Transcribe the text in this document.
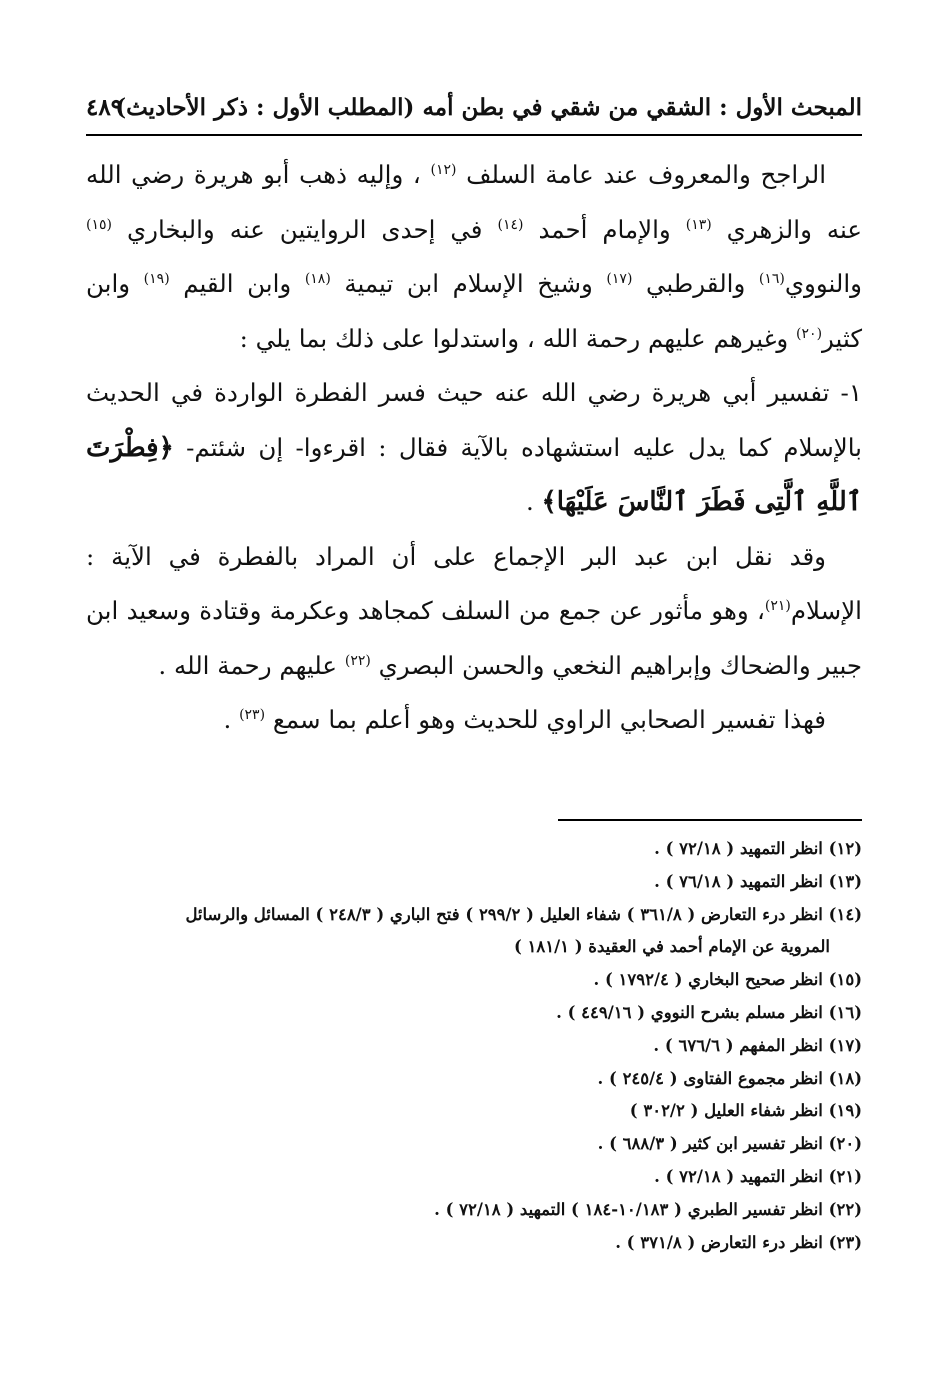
المبحث الأول : الشقي من شقي في بطن أمه (المطلب الأول : ذكر الأحاديث)
٤٨٩

الراجح والمعروف عند عامة السلف $^{(١٢)}$ ، وإليه ذهب أبو هريرة رضي الله عنه والزهري $^{(١٣)}$ والإمام أحمد $^{(١٤)}$ في إحدى الروايتين عنه والبخاري $^{(١٥)}$ والنووي$^{(١٦)}$ والقرطبي $^{(١٧)}$ وشيخ الإسلام ابن تيمية $^{(١٨)}$ وابن القيم $^{(١٩)}$ وابن كثير$^{(٢٠)}$ وغيرهم عليهم رحمة الله ، واستدلوا على ذلك بما يلي :

١- تفسير أبي هريرة رضي الله عنه حيث فسر الفطرة الواردة في الحديث بالإسلام كما يدل عليه استشهاده بالآية فقال : اقرءوا- إن شئتم- ﴿فِطْرَتَ ٱللَّهِ ٱلَّتِى فَطَرَ ٱلنَّاسَ عَلَيْهَا﴾ .

وقد نقل ابن عبد البر الإجماع على أن المراد بالفطرة في الآية : الإسلام$^{(٢١)}$، وهو مأثور عن جمع من السلف كمجاهد وعكرمة وقتادة وسعيد ابن جبير والضحاك وإبراهيم النخعي والحسن البصري $^{(٢٢)}$ عليهم رحمة الله .

فهذا تفسير الصحابي الراوي للحديث وهو أعلم بما سمع $^{(٢٣)}$ .

(١٢) انظر التمهيد ( ٧٢/١٨ ) .
(١٣) انظر التمهيد ( ٧٦/١٨ ) .
(١٤) انظر درء التعارض ( ٣٦١/٨ ) شفاء العليل ( ٢٩٩/٢ ) فتح الباري ( ٢٤٨/٣ ) المسائل والرسائل
المروية عن الإمام أحمد في العقيدة ( ١٨١/١ )
(١٥) انظر صحيح البخاري ( ١٧٩٢/٤ ) .
(١٦) انظر مسلم بشرح النووي ( ٤٤٩/١٦ ) .
(١٧) انظر المفهم ( ٦٧٦/٦ ) .
(١٨) انظر مجموع الفتاوى ( ٢٤٥/٤ ) .
(١٩) انظر شفاء العليل ( ٣٠٢/٢ )
(٢٠) انظر تفسير ابن كثير ( ٦٨٨/٣ ) .
(٢١) انظر التمهيد ( ٧٢/١٨ ) .
(٢٢) انظر تفسير الطبري ( ١٠/١٨٣-١٨٤ ) التمهيد ( ٧٢/١٨ ) .
(٢٣) انظر درء التعارض ( ٣٧١/٨ ) .
